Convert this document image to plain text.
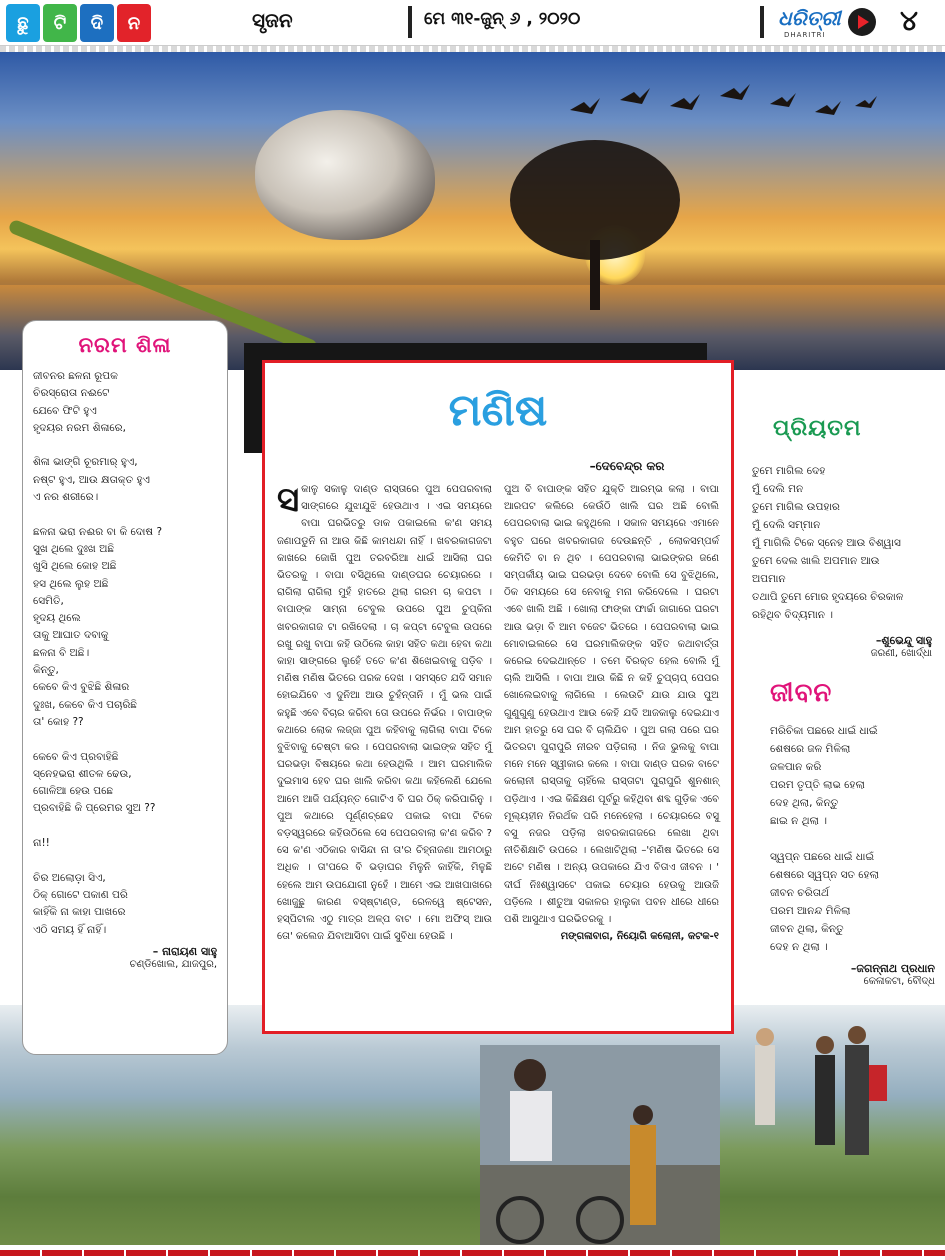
ଛୁ	ଟି	ଦି	ନ	ସୃଜନ	ମେ ୩୧-ଜୁନ୍ ୬ , ୨୦୨୦	ଧରିତ୍ରୀ
DHARITRI	୪
ନରମ ଶିଳା
ଜୀବନର ଛଳନା ରୂପକ
ଚିରସ୍ରୋତା ନଈଟେ
ଯେବେ ଫିଟି ହୁଏ
ହୃଦୟର ନରମ ଶିଳାରେ,

ଶିଳା ଭାଙ୍ଗି ଚୂରମାର୍ ହୁଏ,
ନଷ୍ଟ ହୁଏ, ଆଉ କ୍ଷତାକ୍ତ ହୁଏ
ଏ ନର ଶରୀରେ।

ଛଳନା ଭରା ନଈର ବା କି ଦୋଷ ?
ସୁଖ ଥିଲେ ଦୁଃଖ ଅଛି
ଖୁସି ଥିଲେ କୋହ ଅଛି
ହସ ଥିଲେ ଲୁହ ଅଛି
ସେମିତି,
ହୃଦୟ ଥିଲେ
ତାକୁ ଆଘାତ ଦବାକୁ
ଛଳନା ବି ଅଛି।
କିନ୍ତୁ,
କେବେ କିଏ ବୁଝିଛି ଶିଳାର
ଦୁଃଖ, କେବେ କିଏ ପଚାରିଛି
ତା' କୋହ ??

କେବେ କିଏ ପ୍ରବାହିଛି
ସ୍ନେହଭରା ଶୀତଳ ଢେଉ,
ଗୋଳିଆ ହେଉ ପଛେ
ପ୍ରବାହିଛି କି ପ୍ରେମର ସୁଅ ??

ନା!!

ଚିର ଅଲୋଡ଼ା ସିଏ,
ଠିକ୍ ଗୋଟେ ପକାଣ ପରି
କାହିଁକି ନା କାହା ପାଖରେ
ଏଠି ସମୟ ହିଁ ନାହିଁ।
– ନାରାୟଣ ସାହୁ
ଚଣ୍ଡିଖୋଲ, ଯାଜପୁର,
ମଣିଷ
–ଦେବେନ୍ଦ୍ର କର
ସକାଳୁ ସକାଳୁ ଦାଣ୍ଡ ରାସ୍ତାରେ ପୁଅ ପେପରବାଲା ସାଙ୍ଗରେ ଯୁଝାଯୁଝି ହେଉଥାଏ । ଏଇ ସମୟରେ ବାପା ଘରଭିତରୁ ଡାକ ପକାଇଲେ କ'ଣ ସମୟ ଜଣାପଡୁନି ନା ଆଉ କିଛି କାମଧନ୍ଦା ନାହିଁ । ଖବରକାଗଜଟା କାଖରେ ଜୋଖି ପୁଅ ତରବରିଆ ଧାଇଁ ଆସିଲା ଘର ଭିତରକୁ । ବାପା ବସିଥିଲେ ଦାଣ୍ଡଘର ଚେୟାରରେ । ରାଗିଲା ରାଗିଲା ମୁହଁ ହାତରେ ଥିଲା ଗରମ ଚା କପଟା । ବାପାଙ୍କ ସାମ୍ନା ଟେବୁଲ ଉପରେ ପୁଅ ଚୁପ୍‌କିନା ଖବରକାଗଜ ଟା ରଖିଦେଲା । ଚା କପ୍‌ଟା ଟେବୁଲ ଉପରେ ରଖୁ ରଖୁ ବାପା କହି ଉଠିଲେ କାହା ସହିତ କଥା ହେବା କଥା କାହା ସାଙ୍ଗରେ ଲୁହେଁ ତତେ କ'ଣ ଶିଖେଇବାକୁ ପଡ଼ିବ । ମଣିଷ ମଣିଷ ଭିତରେ ପରକ ଦେଖ । ସମସ୍ତେ ଯଦି ସମାନ ହୋଇଯିବେ ଏ ଦୁନିଆ ଆଉ ଚୁହଁନ୍ତାନି । ମୁଁ ଭଲ ପାଇଁ କହୁଛି ଏବେ ବିଚାର କରିବା ତୋ ଉପରେ ନିର୍ଭର । ବାପାଙ୍କ କଥାରେ ଲୋକ ଲଜ୍ଜା ପୁଅ କହିବାକୁ ଲାଗିଲା ବାପା ଟିକେ ବୁଝିବାକୁ ଚେଷ୍ଟା କର । ପେପରବାଲା ଭାଇଙ୍କ ସହିତ ମୁଁ ଘରଭଡ଼ା ବିଷୟରେ କଥା ହେଉଥିଲି । ଆମ ଘରମାଲିକ ଦୁଇମାସ ହେବ ଘର ଖାଲି କରିବା କଥା କହିଲେଣି ଯେଲେ ଆମେ ଆଜି ପର୍ଯ୍ୟନ୍ତ ଗୋଟିଏ ବି ଘର ଠିକ୍ କରିପାରିନୁ । ପୁଅ କଥାରେ ପୂର୍ଣ୍ଣଚ୍ଛେଦ ପକାଇ ବାପା ଟିକେ ବଡ଼ସ୍ୱରରେ କହିଉଠିଲେ ସେ ପେପରବାଲା କ'ଣ କରିବ ? ସେ କ'ଣ ଏଠିକାର ବାସିନ୍ଦା ନା ତା'ର ଚିହ୍ନାଜଣା ଆମଠାରୁ ଅଧିକ । ତା'ପରେ ବି ଭଡ଼ାଘର ମିଳୁନି କାହିଁକି, ମିଳୁଛି ହେଲେ ଆମ ଉପଯୋଗୀ ନୁହେଁ । ଆମେ ଏଇ ଆଖପାଖରେ ଖୋଜୁଛୁ କାରଣ ବସ୍‌ଷ୍ଟାଣ୍ଡ, ରେଳୱେ ଷ୍ଟେସନ, ହସ୍ପିଟାଲ ଏଠୁ ମାତ୍ର ଅଳ୍ପ ବାଟ । ମୋ ଅଫିସ୍ ଆଉ ତୋ' କଲେଜ ଯିବାଆସିବା ପାଇଁ ସୁବିଧା ହେଉଛି ।
ପୁଅ ବି ବାପାଙ୍କ ସହିତ ଯୁକ୍ତି ଆରମ୍ଭ କଲା । ବାପା ଆରପଟ କଲିରେ କେଉଁଠି ଖାଲି ଘର ଅଛି ବୋଲି ପେପରବାଲା ଭାଇ କହୁଥିଲେ । ସକାଳ ସମୟରେ ଏମାନେ ବହୁତ ଘରେ ଖବରକାଗଜ ଦେଉଛନ୍ତି , ଲୋକସମ୍ପର୍କ କେମିତି ବା ନ ଥିବ । ପେପରବାଲା ଭାଇଙ୍କର ଜଣେ ସମ୍ପର୍କୀୟ ଭାଇ ଘରଭଡ଼ା ଦେବେ ବୋଲି ସେ ବୁଝିଥିଲେ, ଠିକ ସମୟରେ ସେ ନେବାକୁ ମନା କରିଦେଲେ । ଘରଟା ଏବେ ଖାଲି ଅଛି । ଖୋଲା ଫାଙ୍କା ଫାର୍ଚ୍ଚା ଜାଗାରେ ଘରଟା ଆଉ ଭଡ଼ା ବି ଆମ ବଜେଟ ଭିତରେ । ପେପରବାଲା ଭାଇ ମୋବାଇଲରେ ସେ ଘରମାଲିକଙ୍କ ସହିତ କଥାବାର୍ତ୍ତା କରେଇ ଦେଇଥାନ୍ତେ । ତମେ ବିରକ୍ତ ହେଲ ବୋଲି ମୁଁ ଚାଲି ଆସିଲି । ବାପା ଆଉ କିଛି ନ କହି ଚୁପ୍‌ଚାପ୍ ପେପର ଖୋଲେଇବାକୁ ଲାଗିଲେ । ଲେଉଟି ଯାଉ ଯାଉ ପୁଅ ଗୁଣୁଗୁଣୁ ହେଉଥାଏ ଆଉ କେହି ଯଦି ଆଜକାଲୁ ଦେଇଯାଏ ଆମ ହାତରୁ ସେ ଘର ବି ଚାଲିଯିବ । ପୁଅ ଗଲା ପରେ ଘର ଭିତରଟା ପୁରାପୁରି ନୀରବ ପଡ଼ିଗଲା । ନିଜ ଭୁଲକୁ ବାପା ମନେ ମନେ ସ୍ୱୀକାର କଲେ । ବାପା ଦାଣ୍ଡ ଘରକ ବାଟେ କଲୋନୀ ରାସ୍ତାକୁ ଚାହିଁଲେ ରାସ୍ତାଟା ପୁରାପୁରି ଶୁନଶାନ୍ ପଡ଼ିଥାଏ । ଏଇ କିଛିକ୍ଷଣ ପୂର୍ବରୁ କହିଥିବା ଶବ୍ଦ ଗୁଡ଼ିକ ଏବେ ମୂଲ୍ୟହୀନ ନିରର୍ଥକ ପରି ମନେହେଲା । ଚେୟାରରେ ବସୁ ବସୁ ନଜର ପଡ଼ିଲା ଖବରକାଗଜରେ ଲେଖା ଥିବା ନୀତିଶିକ୍ଷାଟି ଉପରେ । ଲେଖାଟିଥିଲା –'ମଣିଷ ଭିତରେ ସେ ଅଟେ ମଣିଷ । ଅନ୍ୟ ଉପକାରେ ଯିଏ ବିତାଏ ଜୀବନ । ' ଦୀର୍ଘ ନିଃଶ୍ୱାସଟେ ପକାଇ ଚେୟାର ହେଉକୁ ଆଉଜି ପଡ଼ିଲେ । ଶୀତୁଆ ସକାଳର ହାଲୁକା ପବନ ଧୀରେ ଧୀରେ ପଶି ଆସୁଥାଏ ଘରଭିତରକୁ ।
ମଙ୍ଗଳାବାଗ, ନିୟୋଗି କଲୋନୀ, କଟକ-୧
ପ୍ରିୟତମ
ତୁମେ ମାଗିଲ ଦେହ
ମୁଁ ଦେଲି ମନ
ତୁମେ ମାଗିଲ ଉପହାର
ମୁଁ ଦେଲି ସମ୍ମାନ
ମୁଁ ମାଗିଲି ଟିକେ ସ୍ନେହ ଆଉ ବିଶ୍ୱାସ
ତୁମେ ଦେଲ ଖାଲି ଅପମାନ ଆଉ
ଅପମାନ
ତଥାପି ତୁମେ ମୋର ହୃଦୟରେ ଚିରକାଳ
ରହିଥିବ ବିଦ୍ୟମାନ ।
–ଶୁଭେନ୍ଦୁ ସାହୁ
ଜରଣୀ, ଖୋର୍ଦ୍ଧା
ଜୀବନ
ମରିଚିକା ପଛରେ ଧାଇଁ ଧାଇଁ
ଶେଷରେ ଜଳ ମିଳିଲା
ଜଳପାନ କରି
ପରମ ତୃପ୍ତି ଲାଭ ହେଲା
ଦେହ ଥିଲା, କିନ୍ତୁ
ଛାଇ ନ ଥିଲା ।

ସ୍ୱପ୍ନ ପଛରେ ଧାଇଁ ଧାଇଁ
ଶେଷରେ ସ୍ୱପ୍ନ ସତ ହେଲା
ଜୀବନ ଚରିତାର୍ଥ
ପରମ ଆନନ୍ଦ ମିଳିଲା
ଜୀବନ ଥିଲା, କିନ୍ତୁ
ଦେହ ନ ଥିଲା ।
–ଜଗନ୍ନାଥ ପ୍ରଧାନ
କେଳାକଟା, ବୌଦ୍ଧ
